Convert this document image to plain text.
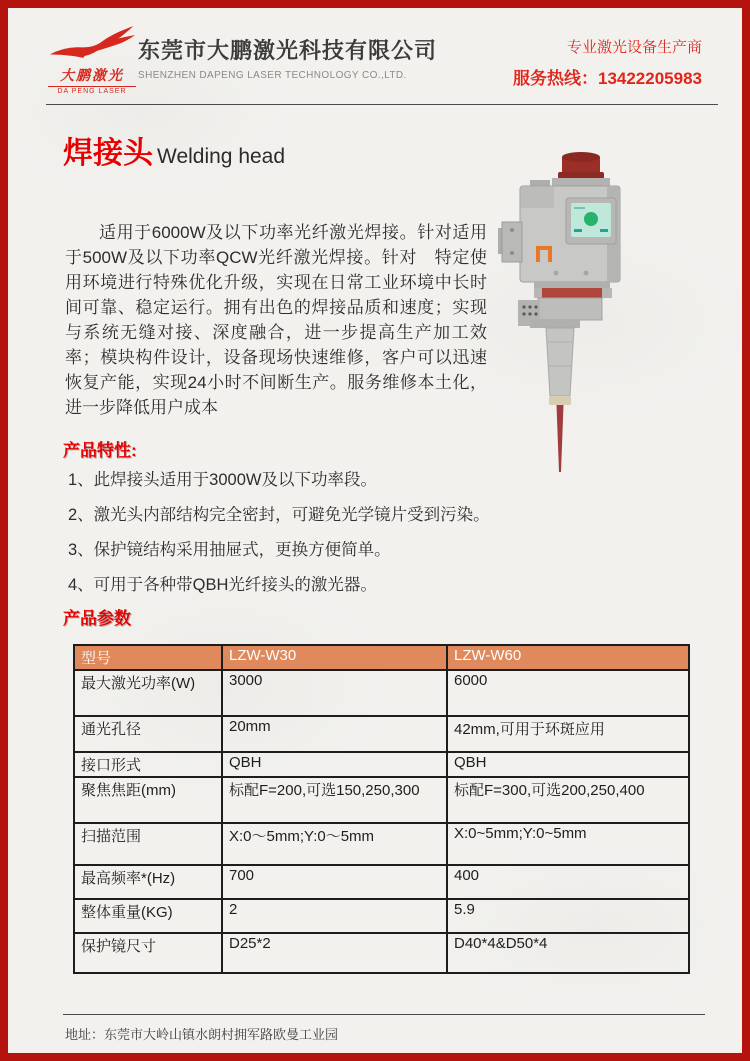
大鹏激光
DA PENG LASER
东莞市大鹏激光科技有限公司
SHENZHEN DAPENG LASER TECHNOLOGY CO.,LTD.
专业激光设备生产商
服务热线：13422205983
焊接头 Welding head

适用于6000W及以下功率光纤激光焊接。针对适用于500W及以下功率QCW光纤激光焊接。针对　特定使用环境进行特殊优化升级，实现在日常工业环境中长时间可靠、稳定运行。拥有出色的焊接品质和速度；实现与系统无缝对接、深度融合，进一步提高生产加工效率；模块构件设计，设备现场快速维修，客户可以迅速恢复产能，实现24小时不间断生产。服务维修本土化，进一步降低用户成本

产品特性:
1、此焊接头适用于3000W及以下功率段。
2、激光头内部结构完全密封，可避免光学镜片受到污染。
3、保护镜结构采用抽屉式，更换方便简单。
4、可用于各种带QBH光纤接头的激光器。
产品参数
型号	LZW-W30	LZW-W60
最大激光功率(W)	3000	6000
通光孔径	20mm	42mm,可用于环斑应用
接口形式	QBH	QBH
聚焦焦距(mm)	标配F=200,可选150,250,300	标配F=300,可选200,250,400
扫描范围	X:0～5mm;Y:0～5mm	X:0~5mm;Y:0~5mm
最高频率*(Hz)	700	400
整体重量(KG)	2	5.9
保护镜尺寸	D25*2	D40*4&D50*4
地址：东莞市大岭山镇水朗村拥军路欧曼工业园
